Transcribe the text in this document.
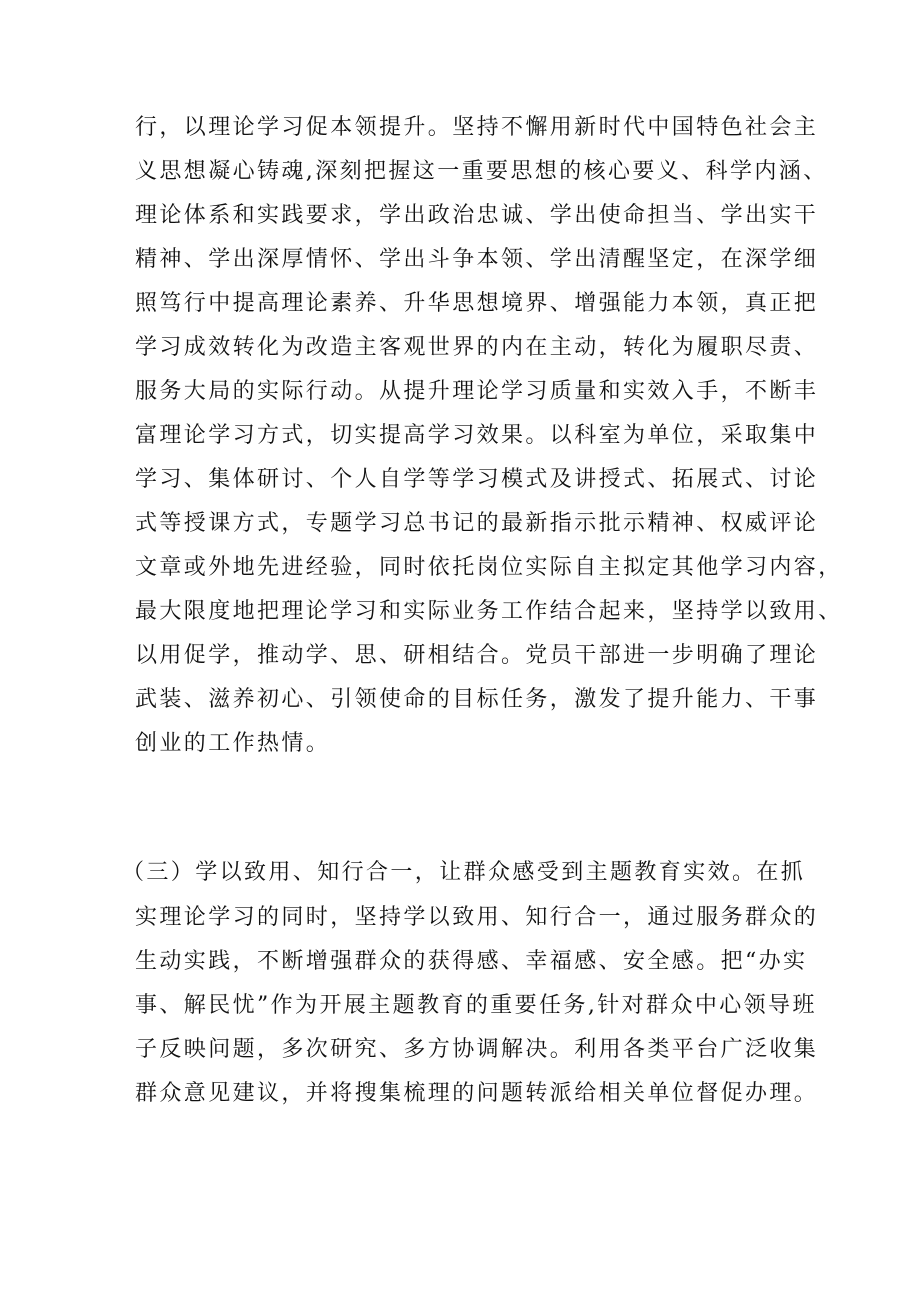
行，以理论学习促本领提升。坚持不懈用新时代中国特色社会主
义思想凝心铸魂,深刻把握这一重要思想的核心要义、科学内涵、
理论体系和实践要求，学出政治忠诚、学出使命担当、学出实干
精神、学出深厚情怀、学出斗争本领、学出清醒坚定，在深学细
照笃行中提高理论素养、升华思想境界、增强能力本领，真正把
学习成效转化为改造主客观世界的内在主动，转化为履职尽责、
服务大局的实际行动。从提升理论学习质量和实效入手，不断丰
富理论学习方式，切实提高学习效果。以科室为单位，采取集中
学习、集体研讨、个人自学等学习模式及讲授式、拓展式、讨论
式等授课方式，专题学习总书记的最新指示批示精神、权威评论
文章或外地先进经验，同时依托岗位实际自主拟定其他学习内容，
最大限度地把理论学习和实际业务工作结合起来，坚持学以致用、
以用促学，推动学、思、研相结合。党员干部进一步明确了理论
武装、滋养初心、引领使命的目标任务，激发了提升能力、干事
创业的工作热情。
（三）学以致用、知行合一，让群众感受到主题教育实效。在抓
实理论学习的同时，坚持学以致用、知行合一，通过服务群众的
生动实践，不断增强群众的获得感、幸福感、安全感。把“办实
事、解民忧”作为开展主题教育的重要任务,针对群众中心领导班
子反映问题，多次研究、多方协调解决。利用各类平台广泛收集
群众意见建议，并将搜集梳理的问题转派给相关单位督促办理。
